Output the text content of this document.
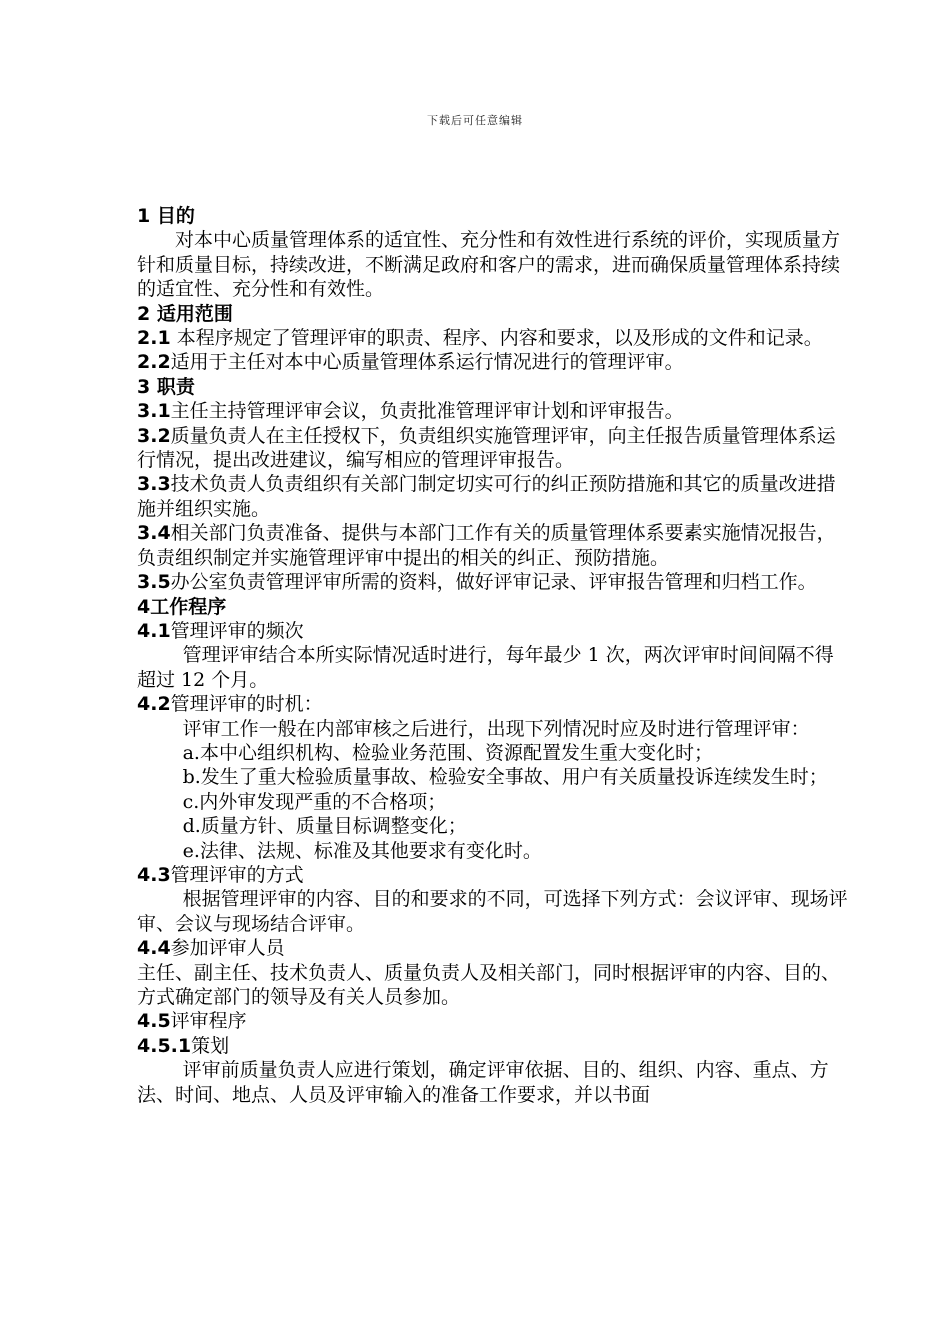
下载后可任意编辑

1 目的

对本中心质量管理体系的适宜性、充分性和有效性进行系统的评价，实现质量方针和质量目标，持续改进，不断满足政府和客户的需求，进而确保质量管理体系持续的适宜性、充分性和有效性。

2 适用范围

2.1 本程序规定了管理评审的职责、程序、内容和要求，以及形成的文件和记录。

2.2适用于主任对本中心质量管理体系运行情况进行的管理评审。

3 职责

3.1主任主持管理评审会议，负责批准管理评审计划和评审报告。

3.2质量负责人在主任授权下，负责组织实施管理评审，向主任报告质量管理体系运行情况，提出改进建议，编写相应的管理评审报告。

3.3技术负责人负责组织有关部门制定切实可行的纠正预防措施和其它的质量改进措施并组织实施。

3.4相关部门负责准备、提供与本部门工作有关的质量管理体系要素实施情况报告，负责组织制定并实施管理评审中提出的相关的纠正、预防措施。

3.5办公室负责管理评审所需的资料，做好评审记录、评审报告管理和归档工作。

4工作程序

4.1管理评审的频次

管理评审结合本所实际情况适时进行，每年最少 1 次，两次评审时间间隔不得超过 12 个月。

4.2管理评审的时机：

评审工作一般在内部审核之后进行，出现下列情况时应及时进行管理评审：

a.本中心组织机构、检验业务范围、资源配置发生重大变化时；

b.发生了重大检验质量事故、检验安全事故、用户有关质量投诉连续发生时；

c.内外审发现严重的不合格项；

d.质量方针、质量目标调整变化；

e.法律、法规、标准及其他要求有变化时。

4.3管理评审的方式

根据管理评审的内容、目的和要求的不同，可选择下列方式：会议评审、现场评审、会议与现场结合评审。

4.4参加评审人员

主任、副主任、技术负责人、质量负责人及相关部门，同时根据评审的内容、目的、方式确定部门的领导及有关人员参加。

4.5评审程序

4.5.1策划

评审前质量负责人应进行策划，确定评审依据、目的、组织、内容、重点、方法、时间、地点、人员及评审输入的准备工作要求，并以书面
